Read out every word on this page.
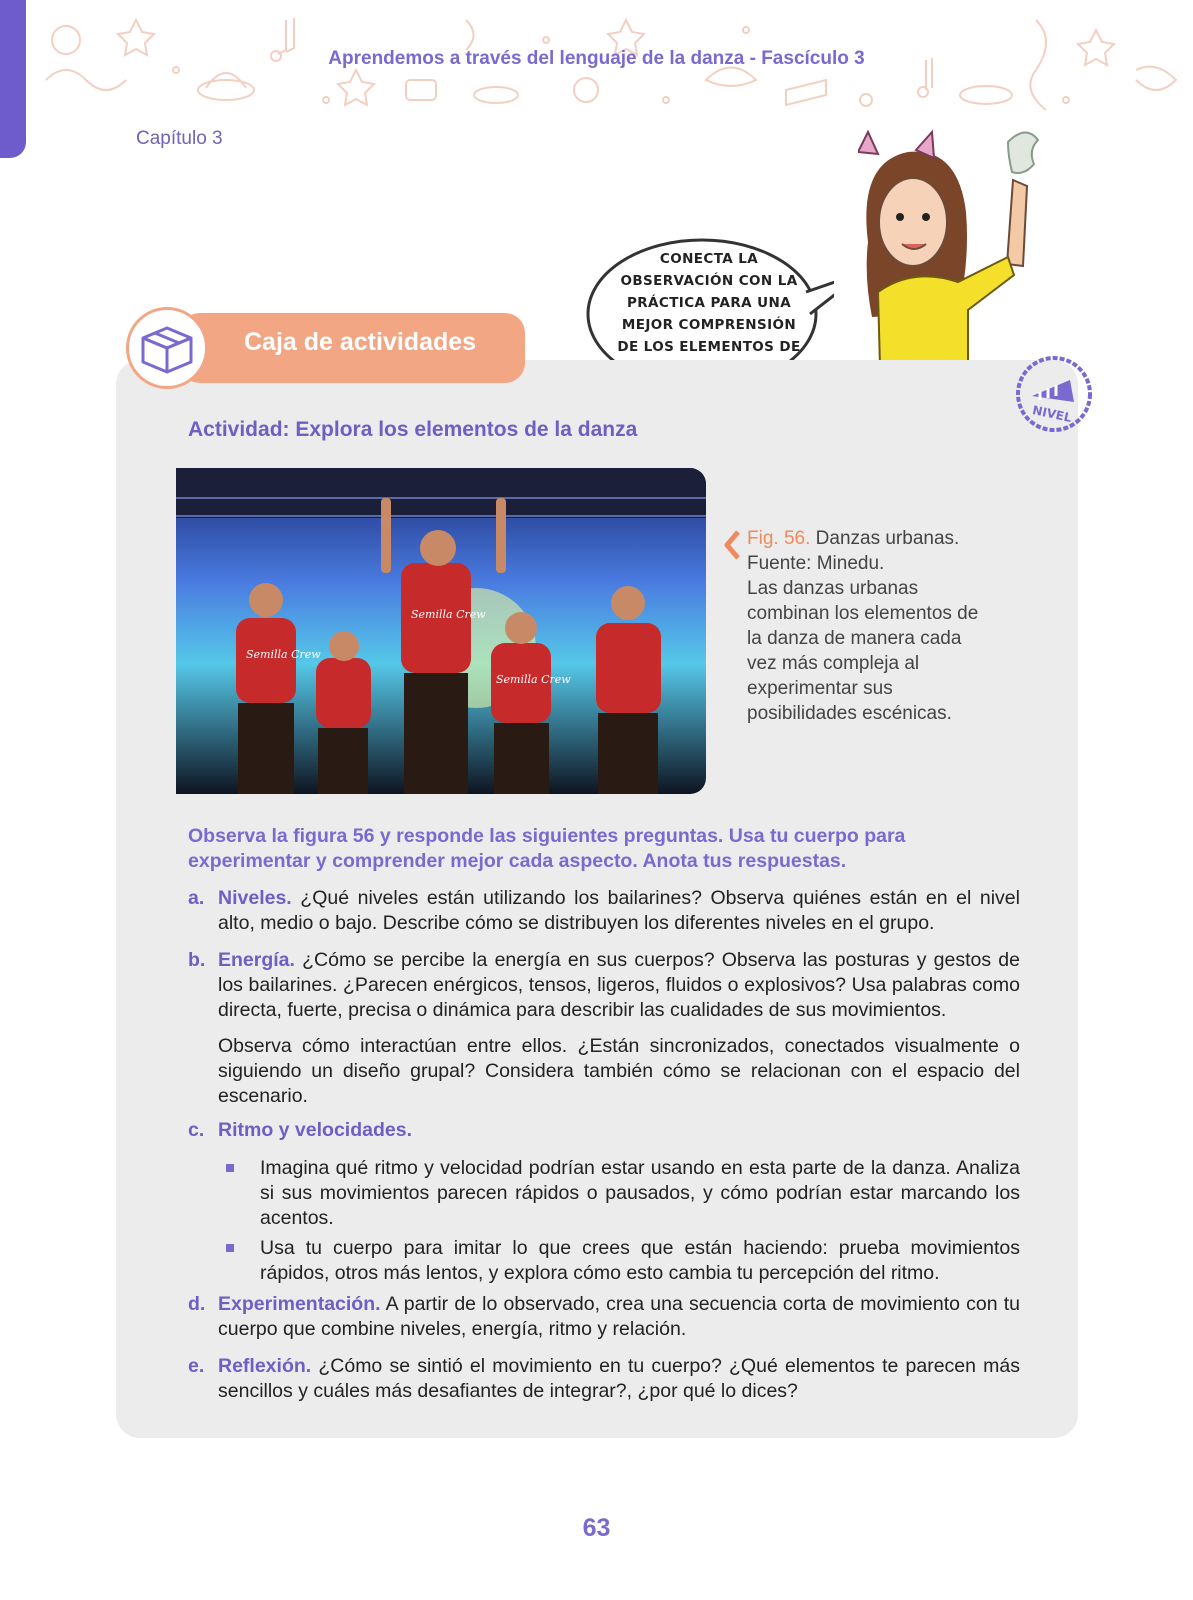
Aprendemos a través del lenguaje de la danza - Fascículo 3
Capítulo 3
CONECTA LA
OBSERVACIÓN CON LA
PRÁCTICA PARA UNA
MEJOR COMPRENSIÓN
DE LOS ELEMENTOS DE
Caja de actividades
NIVEL
Actividad: Explora los elementos de la danza
Semilla Crew
Semilla Crew
Semilla Crew
Fig. 56. Danzas urbanas.
Fuente: Minedu.
Las danzas urbanas combinan los elementos de la danza de manera cada vez más compleja al experimentar sus posibilidades escénicas.
Observa la figura 56 y responde las siguientes preguntas. Usa tu cuerpo para experimentar y comprender mejor cada aspecto. Anota tus respuestas.
a. Niveles. ¿Qué niveles están utilizando los bailarines? Observa quiénes están en el nivel alto, medio o bajo. Describe cómo se distribuyen los diferentes niveles en el grupo.
b. Energía. ¿Cómo se percibe la energía en sus cuerpos? Observa las posturas y gestos de los bailarines. ¿Parecen enérgicos, tensos, ligeros, fluidos o explosivos? Usa palabras como directa, fuerte, precisa o dinámica para describir las cualidades de sus movimientos.
Observa cómo interactúan entre ellos. ¿Están sincronizados, conectados visualmente o siguiendo un diseño grupal? Considera también cómo se relacionan con el espacio del escenario.
c. Ritmo y velocidades.
Imagina qué ritmo y velocidad podrían estar usando en esta parte de la danza. Analiza si sus movimientos parecen rápidos o pausados, y cómo podrían estar marcando los acentos.
Usa tu cuerpo para imitar lo que crees que están haciendo: prueba movimientos rápidos, otros más lentos, y explora cómo esto cambia tu percepción del ritmo.
d. Experimentación. A partir de lo observado, crea una secuencia corta de movimiento con tu cuerpo que combine niveles, energía, ritmo y relación.
e. Reflexión. ¿Cómo se sintió el movimiento en tu cuerpo? ¿Qué elementos te parecen más sencillos y cuáles más desafiantes de integrar?, ¿por qué lo dices?
63
